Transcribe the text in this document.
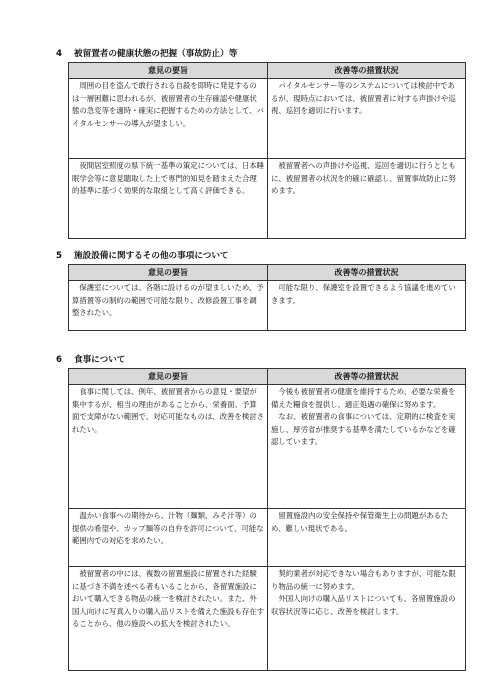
4 被留置者の健康状態の把握（事故防止）等
意見の要旨	改善等の措置状況

周囲の目を盗んで敢行される自殺を即時に発見するのは一層困難に思われるが、被留置者の生存確認や健康状態の急変等を適時・確実に把握するための方法として、バイタルセンサーの導入が望ましい。	バイタルセンサー等のシステムについては検討中であるが、現時点においては、被留置者に対する声掛けや巡視、巡回を適切に行います。

夜間居室照度の県下統一基準の策定については、日本睡眠学会等に意見聴取した上で専門的知見を踏まえた合理的基準に基づく効果的な取組として高く評価できる。	被留置者への声掛けや巡視、巡回を適切に行うとともに、被留置者の状況を的確に確認し、留置事故防止に努めます。
5 施設設備に関するその他の事項について
意見の要旨	改善等の措置状況

保護室については、各階に設けるのが望ましいため、予算措置等の制約の範囲で可能な限り、改修設置工事を調整されたい。	可能な限り、保護室を設置できるよう協議を進めていきます。
6 食事について
意見の要旨	改善等の措置状況

食事に関しては、例年、被留置者からの意見・要望が集中するが、相当の理由があることから、栄養面、予算面で支障がない範囲で、対応可能なものは、改善を検討されたい。	今後も被留置者の健康を維持するため、必要な栄養を備えた糧食を提供し、適正処遇の確保に努めます。
なお、被留置者の食事については、定期的に検査を実施し、厚労省が推奨する基準を満たしているかなどを確認しています。

温かい食事への期待から、汁物（麺類、みそ汁等）の提供の希望や、カップ麺等の自弁を許可について、可能な範囲内での対応を求めたい。	留置施設内の安全保持や保管衛生上の問題があるため、難しい現状である。

被留置者の中には、複数の留置施設に留置された経験に基づき不満を述べる者もいることから、各留置施設において購入できる物品の統一を検討されたい。また、外国人向けに写真入りの購入品リストを備えた施設も存在することから、他の施設への拡大を検討されたい。	契約業者が対応できない場合もありますが、可能な限り物品の統一に努めます。
外国人向けの購入品リストについても、各留置施設の収容状況等に応じ、改善を検討します。
